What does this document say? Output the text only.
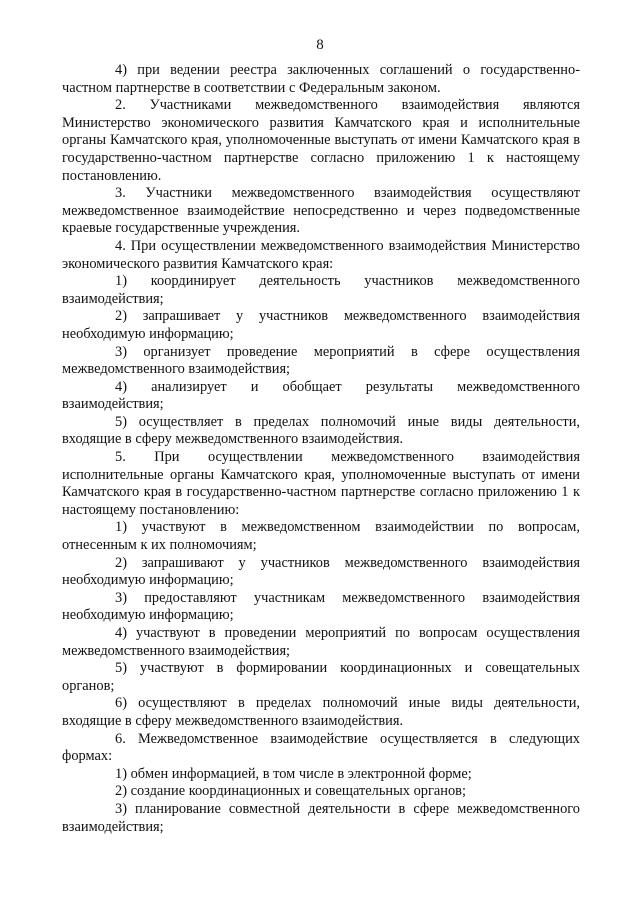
8

4) при ведении реестра заключенных соглашений о государственно-частном партнерстве в соответствии с Федеральным законом.

2. Участниками межведомственного взаимодействия являются Министерство экономического развития Камчатского края и исполнительные органы Камчатского края, уполномоченные выступать от имени Камчатского края в государственно-частном партнерстве согласно приложению 1 к настоящему постановлению.

3. Участники межведомственного взаимодействия осуществляют межведомственное взаимодействие непосредственно и через подведомственные краевые государственные учреждения.

4. При осуществлении межведомственного взаимодействия Министерство экономического развития Камчатского края:

1) координирует деятельность участников межведомственного взаимодействия;

2) запрашивает у участников межведомственного взаимодействия необходимую информацию;

3) организует проведение мероприятий в сфере осуществления межведомственного взаимодействия;

4) анализирует и обобщает результаты межведомственного взаимодействия;

5) осуществляет в пределах полномочий иные виды деятельности, входящие в сферу межведомственного взаимодействия.

5. При осуществлении межведомственного взаимодействия исполнительные органы Камчатского края, уполномоченные выступать от имени Камчатского края в государственно-частном партнерстве согласно приложению 1 к настоящему постановлению:

1) участвуют в межведомственном взаимодействии по вопросам, отнесенным к их полномочиям;

2) запрашивают у участников межведомственного взаимодействия необходимую информацию;

3) предоставляют участникам межведомственного взаимодействия необходимую информацию;

4) участвуют в проведении мероприятий по вопросам осуществления межведомственного взаимодействия;

5) участвуют в формировании координационных и совещательных органов;

6) осуществляют в пределах полномочий иные виды деятельности, входящие в сферу межведомственного взаимодействия.

6. Межведомственное взаимодействие осуществляется в следующих формах:

1) обмен информацией, в том числе в электронной форме;

2) создание координационных и совещательных органов;

3) планирование совместной деятельности в сфере межведомственного взаимодействия;
